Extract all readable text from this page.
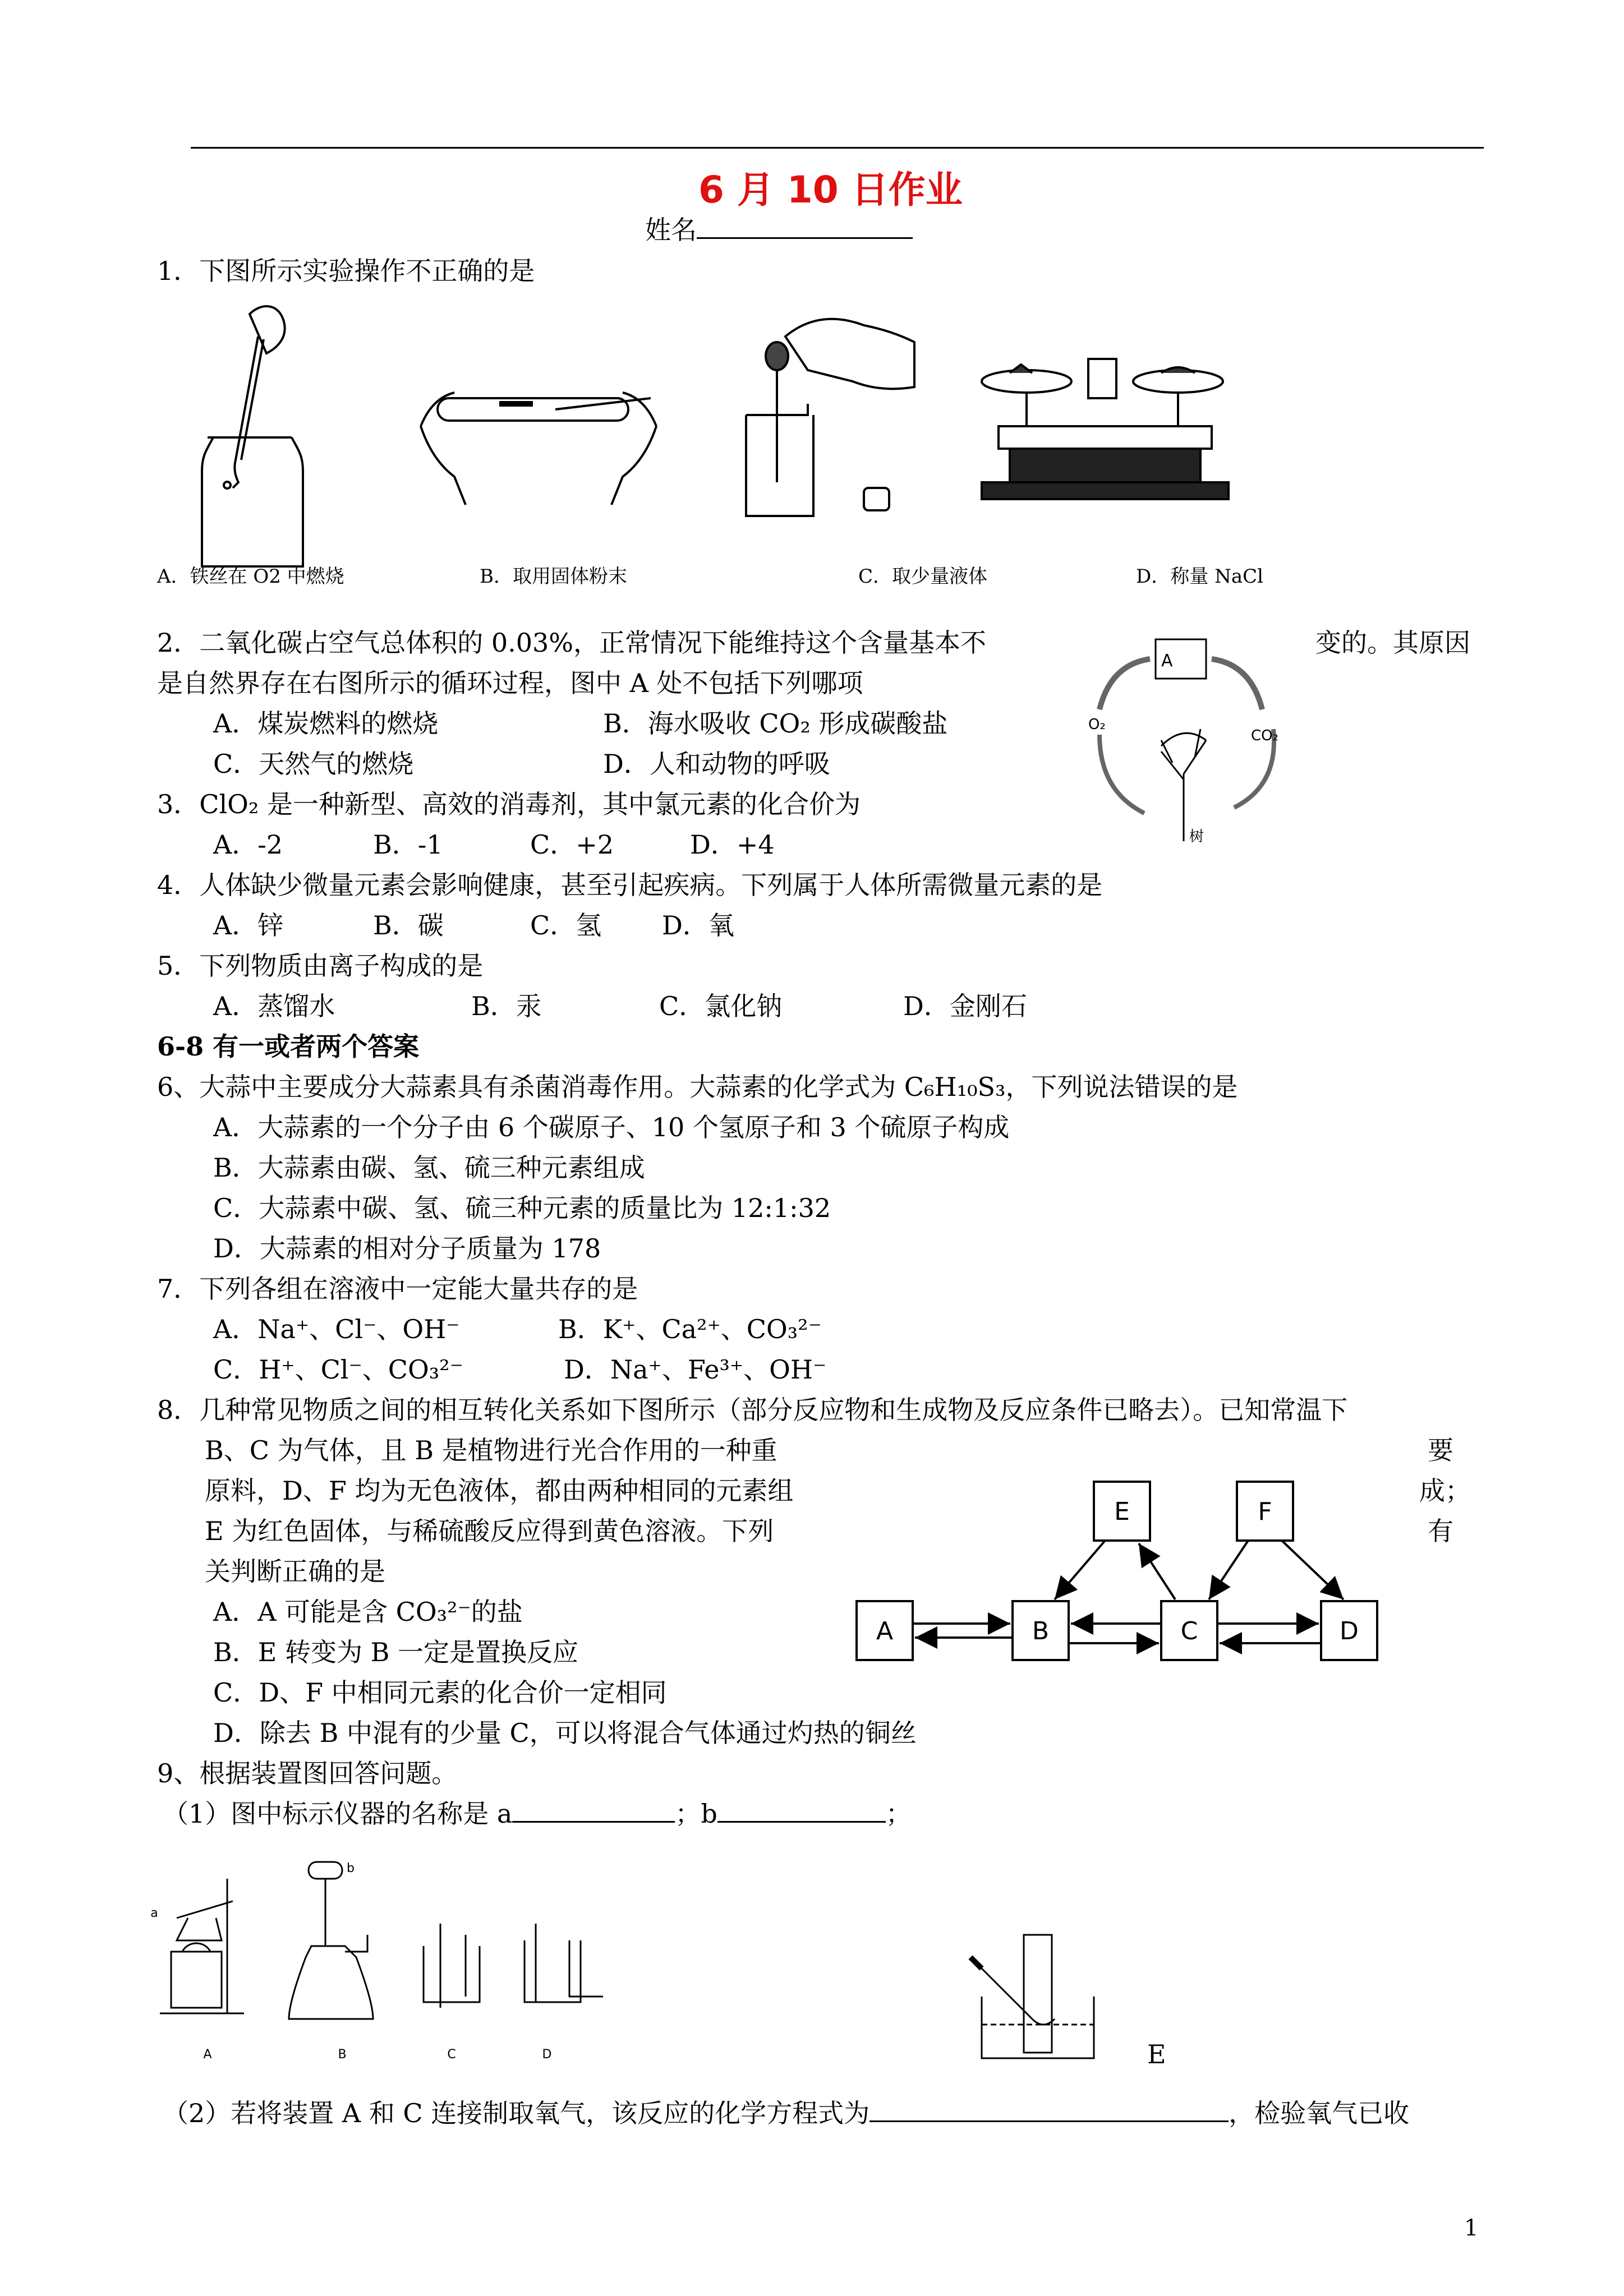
6 月 10 日作业
姓名
1．下图所示实验操作不正确的是
A．铁丝在 O2 中燃烧	B．取用固体粉末	C．取少量液体	D．称量 NaCl
2．二氧化碳占空气总体积的 0.03%，正常情况下能维持这个含量基本不	变的。其原因
是自然界存在右图所示的循环过程，图中 A 处不包括下列哪项
A．煤炭燃料的燃烧	B．海水吸收 CO₂ 形成碳酸盐
C．天然气的燃烧	D．人和动物的呼吸
A
O₂
CO₂
树
3．ClO₂ 是一种新型、高效的消毒剂，其中氯元素的化合价为
A．-2	B．-1	C．+2	D．+4
4．人体缺少微量元素会影响健康，甚至引起疾病。下列属于人体所需微量元素的是
A．锌	B．碳	C．氢 D．氧
5．下列物质由离子构成的是
A．蒸馏水	B．汞	C．氯化钠	D．金刚石
6-8 有一或者两个答案
6、大蒜中主要成分大蒜素具有杀菌消毒作用。大蒜素的化学式为 C₆H₁₀S₃，下列说法错误的是
A．大蒜素的一个分子由 6 个碳原子、10 个氢原子和 3 个硫原子构成
B．大蒜素由碳、氢、硫三种元素组成
C．大蒜素中碳、氢、硫三种元素的质量比为 12:1:32
D．大蒜素的相对分子质量为 178
7．下列各组在溶液中一定能大量共存的是
A．Na⁺、Cl⁻、OH⁻	B．K⁺、Ca²⁺、CO₃²⁻
C．H⁺、Cl⁻、CO₃²⁻	D．Na⁺、Fe³⁺、OH⁻
8．几种常见物质之间的相互转化关系如下图所示（部分反应物和生成物及反应条件已略去）。已知常温下
B、C 为气体，且 B 是植物进行光合作用的一种重	要
原料，D、F 均为无色液体，都由两种相同的元素组	成；
E 为红色固体，与稀硫酸反应得到黄色溶液。下列	有
关判断正确的是
A．A 可能是含 CO₃²⁻的盐
B．E 转变为 B 一定是置换反应
C．D、F 中相同元素的化合价一定相同
D．除去 B 中混有的少量 C，可以将混合气体通过灼热的铜丝
E	F
A	B	C	D
9、根据装置图回答问题。
（1）图中标示仪器的名称是 a	；b	；
a
b
A	B	C	D	E
（2）若将装置 A 和 C 连接制取氧气，该反应的化学方程式为	，检验氧气已收
1
